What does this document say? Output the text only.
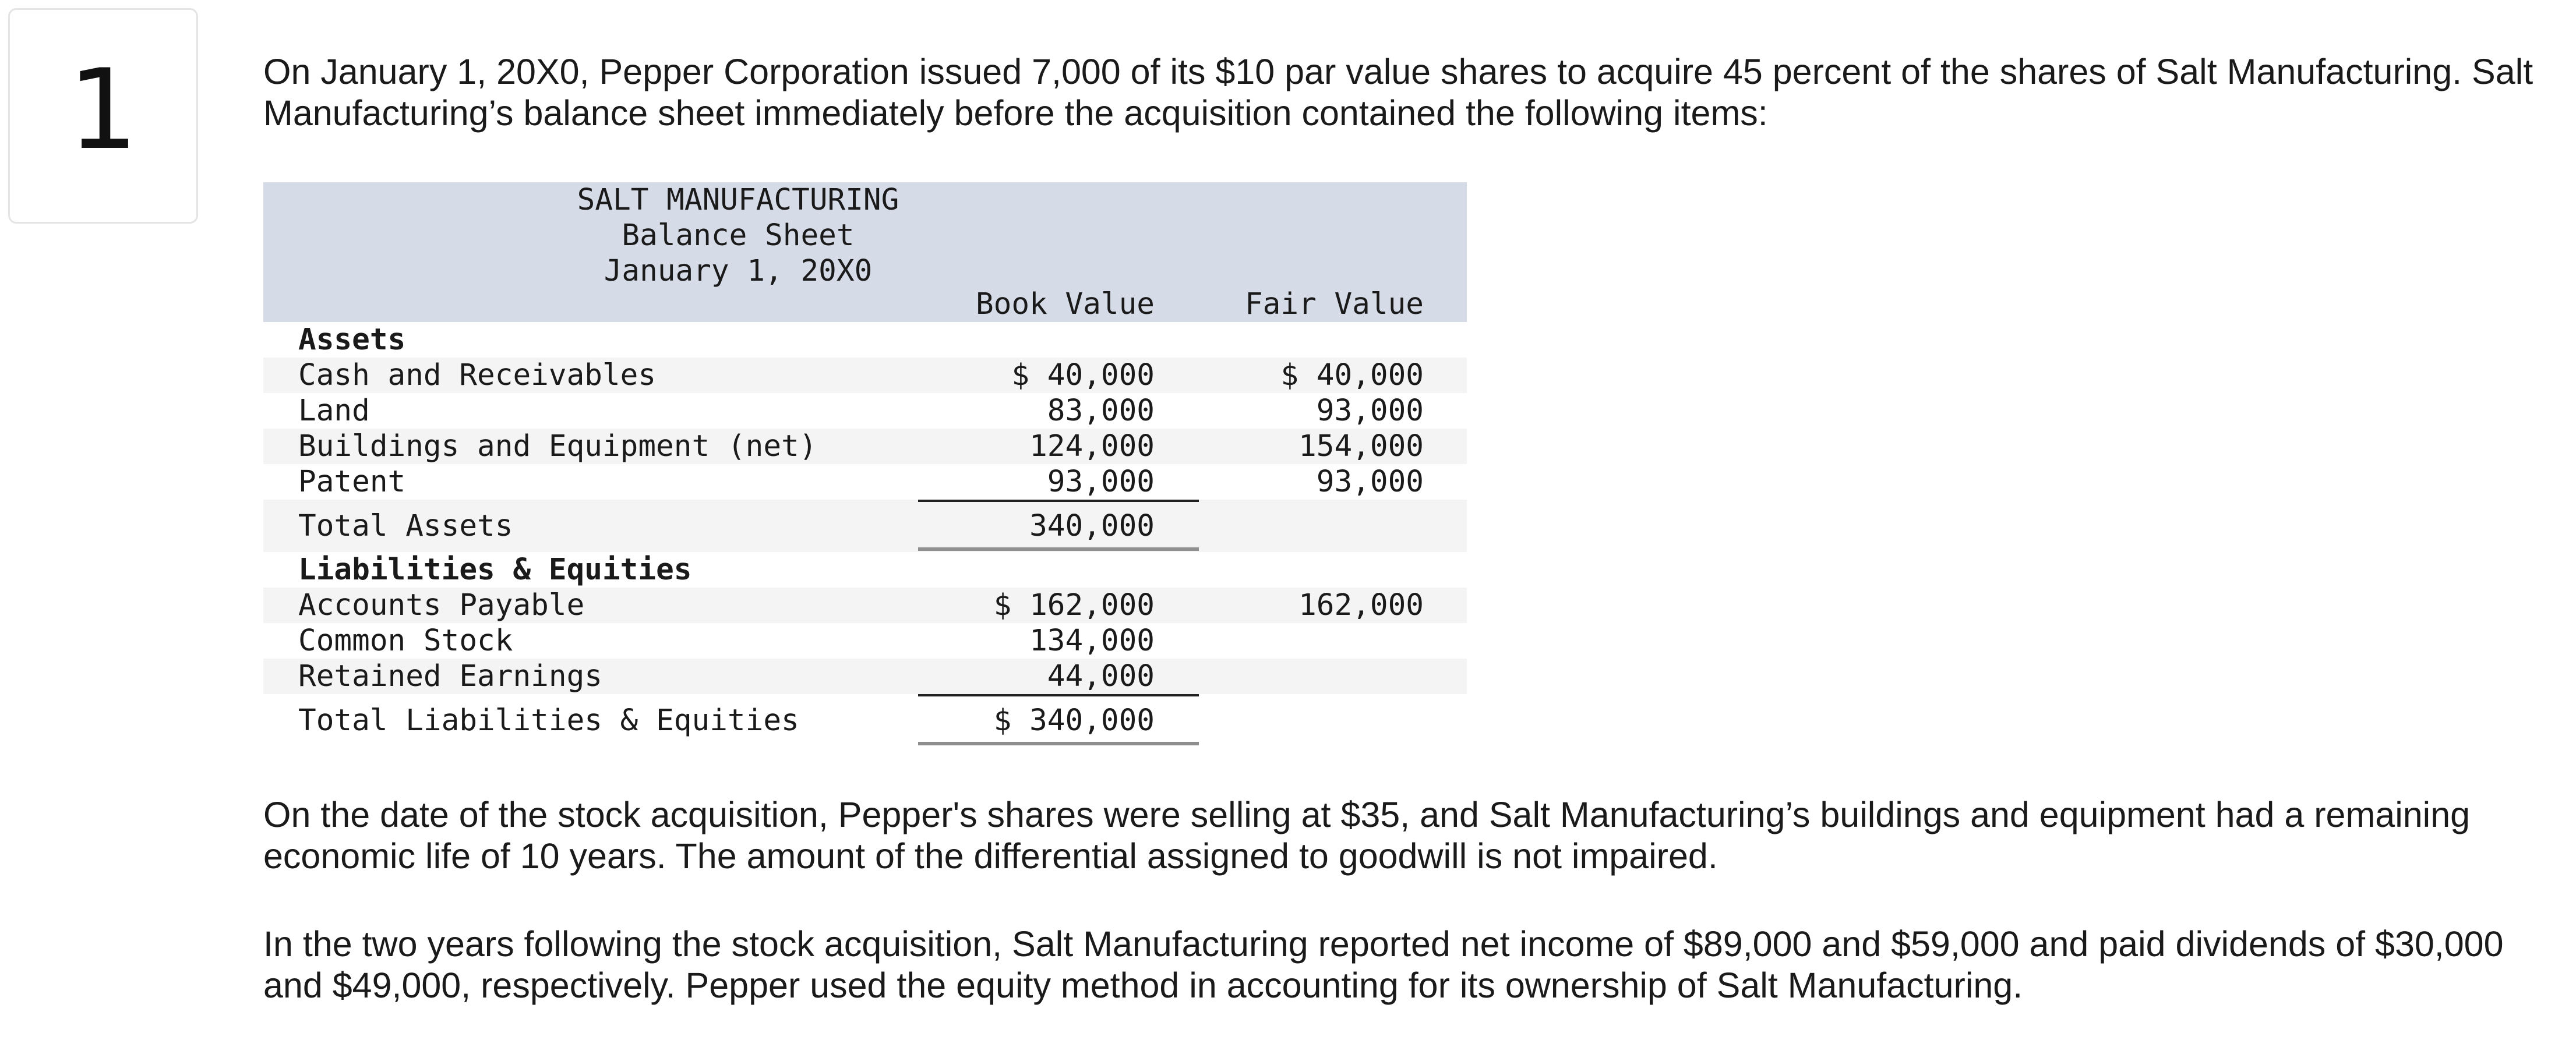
1	On January 1, 20X0, Pepper Corporation issued 7,000 of its $10 par value shares to acquire 45 percent of the shares of Salt Manufacturing. Salt Manufacturing’s balance sheet immediately before the acquisition contained the following items:

SALT MANUFACTURING
Balance Sheet
January 1, 20X0
Book Value	Fair Value
Assets
Cash and Receivables	$ 40,000	$ 40,000
Land	83,000	93,000
Buildings and Equipment (net)	124,000	154,000
Patent	93,000	93,000
Total Assets	340,000
Liabilities & Equities
Accounts Payable	$ 162,000	162,000
Common Stock	134,000
Retained Earnings	44,000
Total Liabilities & Equities	$ 340,000

On the date of the stock acquisition, Pepper's shares were selling at $35, and Salt Manufacturing’s buildings and equipment had a remaining economic life of 10 years. The amount of the differential assigned to goodwill is not impaired.

In the two years following the stock acquisition, Salt Manufacturing reported net income of $89,000 and $59,000 and paid dividends of $30,000 and $49,000, respectively. Pepper used the equity method in accounting for its ownership of Salt Manufacturing.
